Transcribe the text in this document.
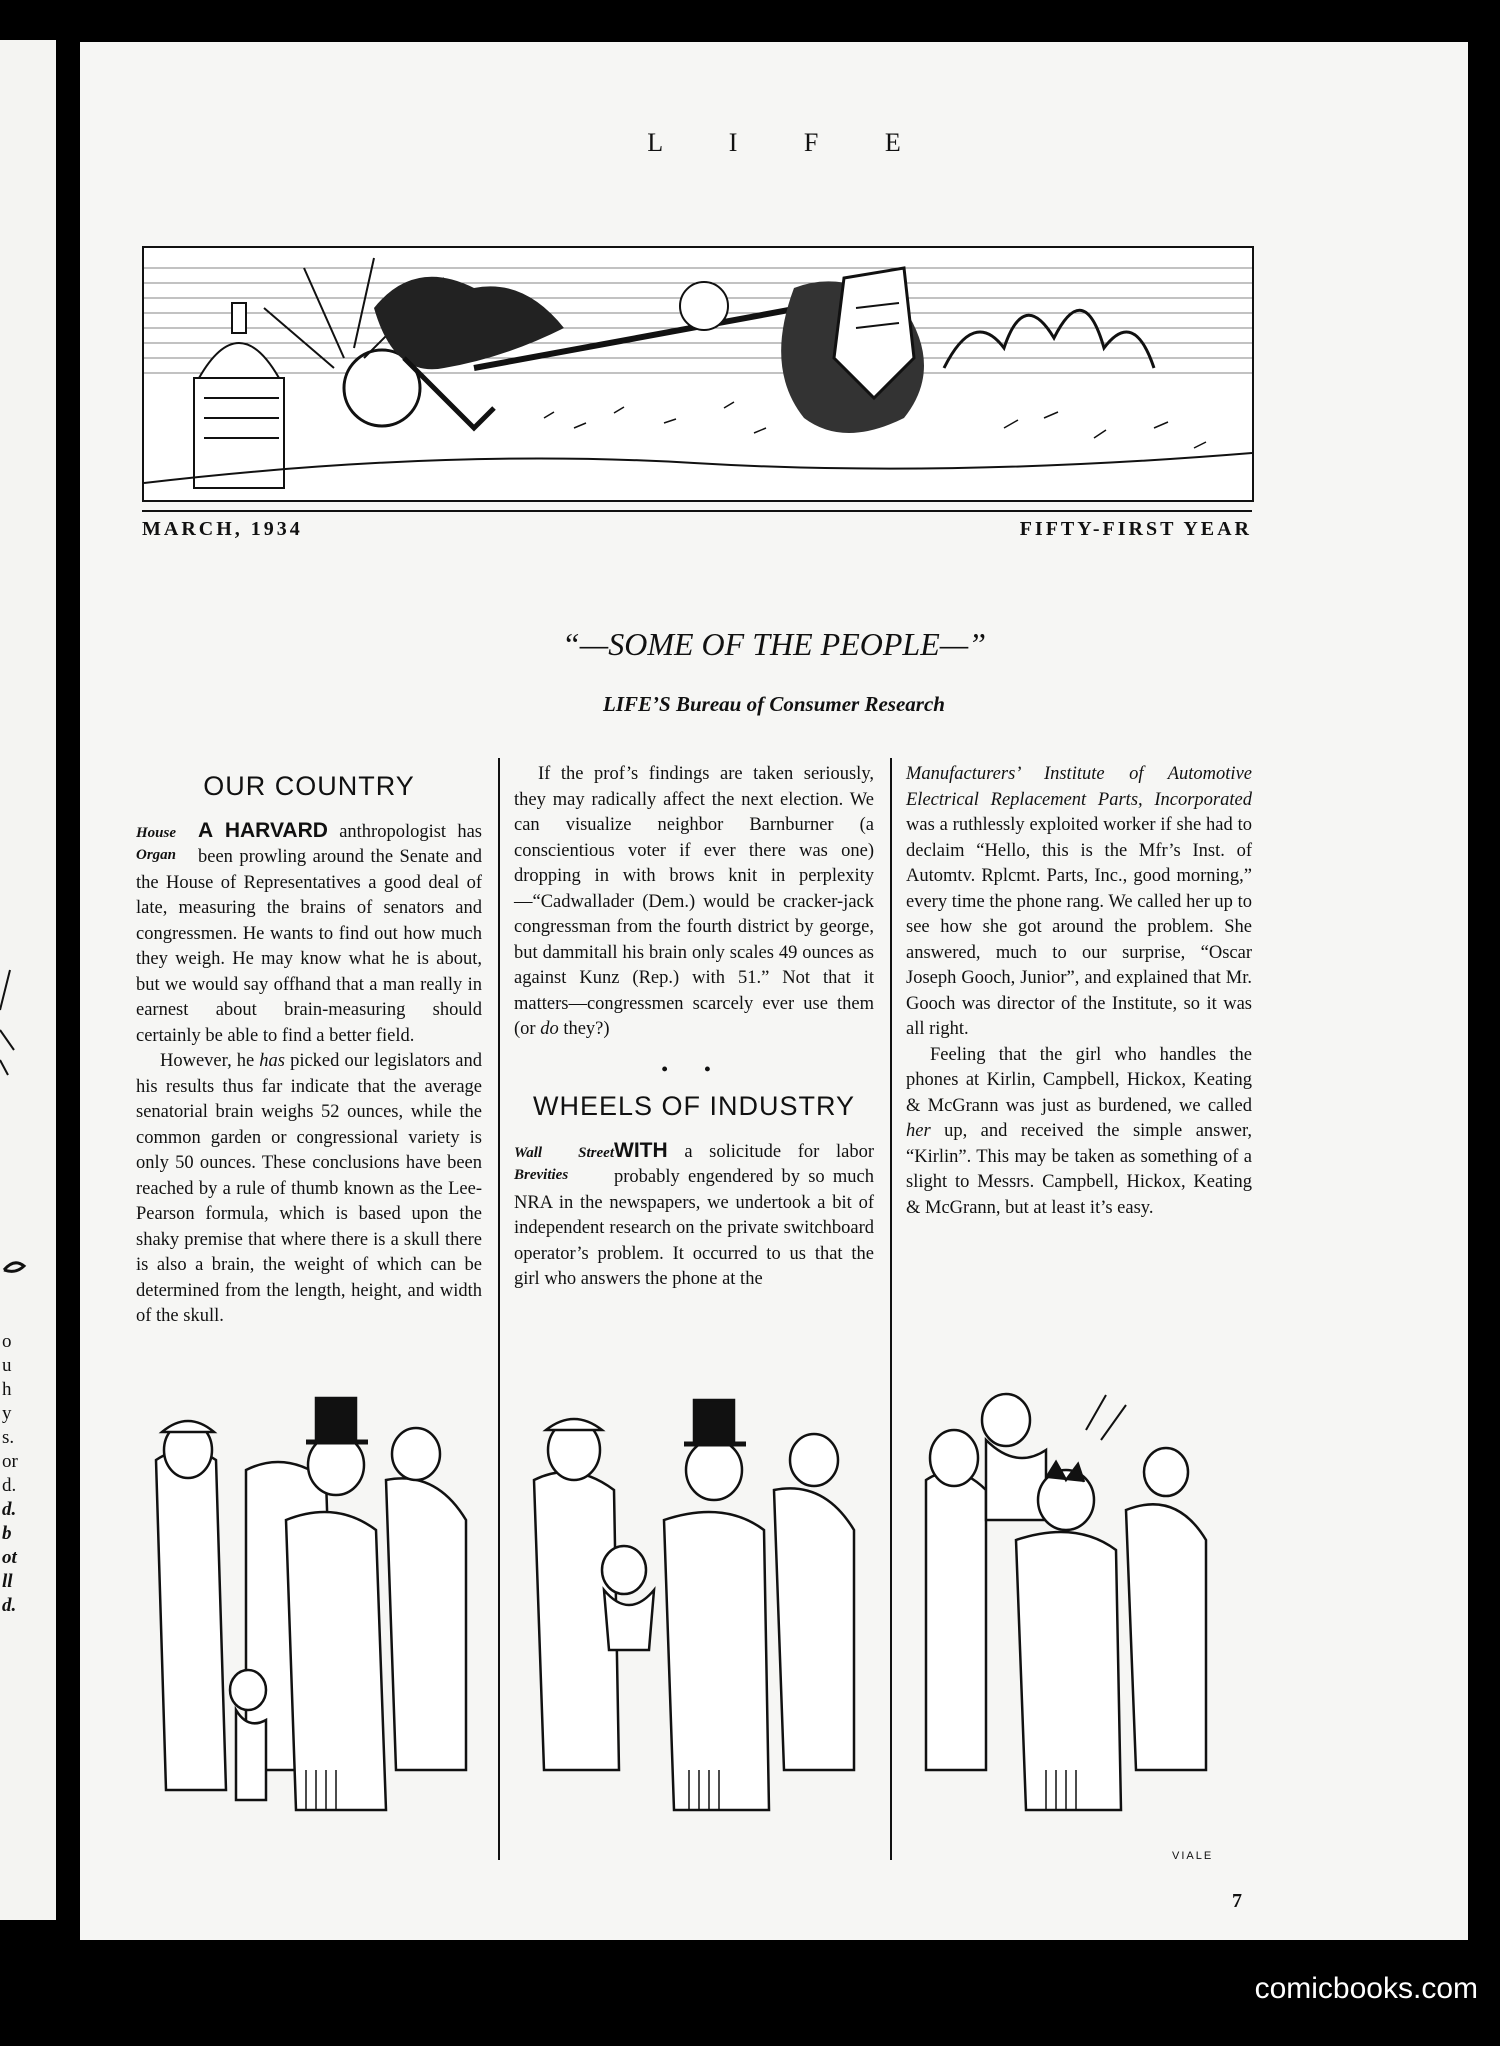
o
u
h
y
s.
or
d.
d.
b
ot
ll
d.
L I F E
MARCH, 1934	FIFTY-FIRST YEAR
“—SOME OF THE PEOPLE—”
LIFE’S Bureau of Consumer Research
OUR COUNTRY
House Organ

A HARVARD anthropologist has been prowling around the Senate and the House of Representatives a good deal of late, measuring the brains of senators and congressmen. He wants to find out how much they weigh. He may know what he is about, but we would say offhand that a man really in earnest about brain-measuring should certainly be able to find a better field.

However, he has picked our legislators and his results thus far indicate that the average senatorial brain weighs 52 ounces, while the common garden or congressional variety is only 50 ounces. These conclusions have been reached by a rule of thumb known as the Lee-Pearson formula, which is based upon the shaky premise that where there is a skull there is also a brain, the weight of which can be determined from the length, height, and width of the skull.

If the prof’s findings are taken seriously, they may radically affect the next election. We can visualize neighbor Barnburner (a conscientious voter if ever there was one) dropping in with brows knit in perplexity—“Cadwallader (Dem.) would be cracker-jack congressman from the fourth district by george, but dammitall his brain only scales 49 ounces as against Kunz (Rep.) with 51.” Not that it matters—congressmen scarcely ever use them (or do they?)

• •
WHEELS OF INDUSTRY
Wall Street Brevities

WITH a solicitude for labor probably engendered by so much NRA in the newspapers, we undertook a bit of independent research on the private switchboard operator’s problem. It occurred to us that the girl who answers the phone at the

Manufacturers’ Institute of Automotive Electrical Replacement Parts, Incorporated was a ruthlessly exploited worker if she had to declaim “Hello, this is the Mfr’s Inst. of Automtv. Rplcmt. Parts, Inc., good morning,” every time the phone rang. We called her up to see how she got around the problem. She answered, much to our surprise, “Oscar Joseph Gooch, Junior”, and explained that Mr. Gooch was director of the Institute, so it was all right.

Feeling that the girl who handles the phones at Kirlin, Campbell, Hickox, Keating & McGrann was just as burdened, we called her up, and received the simple answer, “Kirlin”. This may be taken as something of a slight to Messrs. Campbell, Hickox, Keating & McGrann, but at least it’s easy.

VIALE
7
comicbooks.com
